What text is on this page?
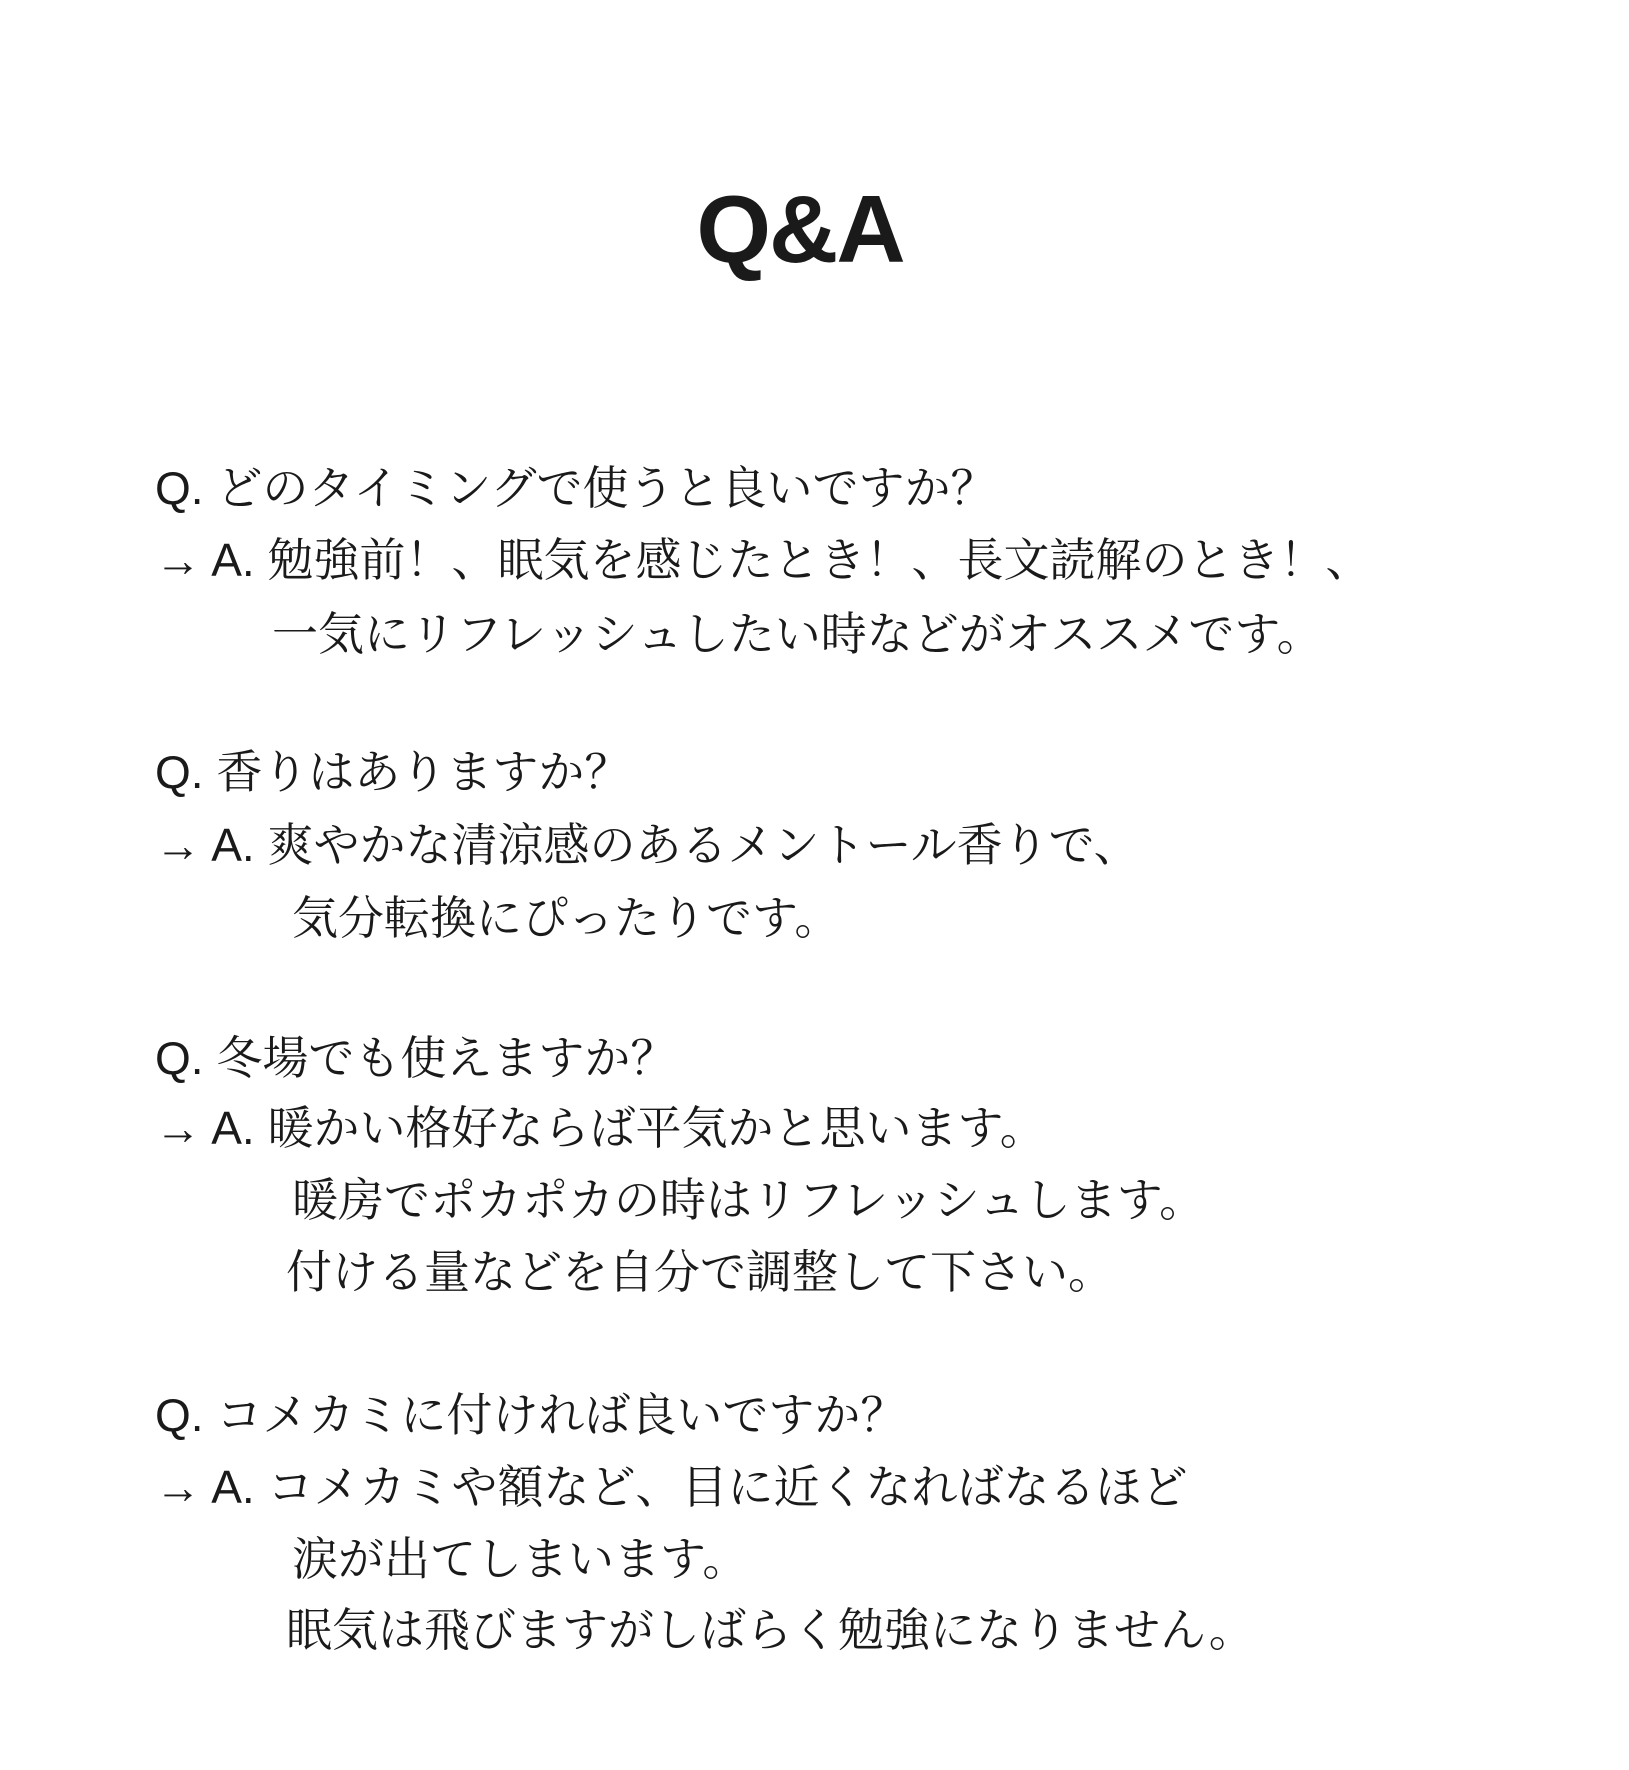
Q&A
Q. どのタイミングで使うと良いですか？
→ A. 勉強前！、眠気を感じたとき！、長文読解のとき！、
一気にリフレッシュしたい時などがオススメです。
Q. 香りはありますか？
→ A. 爽やかな清涼感のあるメントール香りで、
気分転換にぴったりです。
Q. 冬場でも使えますか？
→ A. 暖かい格好ならば平気かと思います。
暖房でポカポカの時はリフレッシュします。
付ける量などを自分で調整して下さい。
Q. コメカミに付ければ良いですか？
→ A. コメカミや額など、目に近くなればなるほど
涙が出てしまいます。
眠気は飛びますがしばらく勉強になりません。
